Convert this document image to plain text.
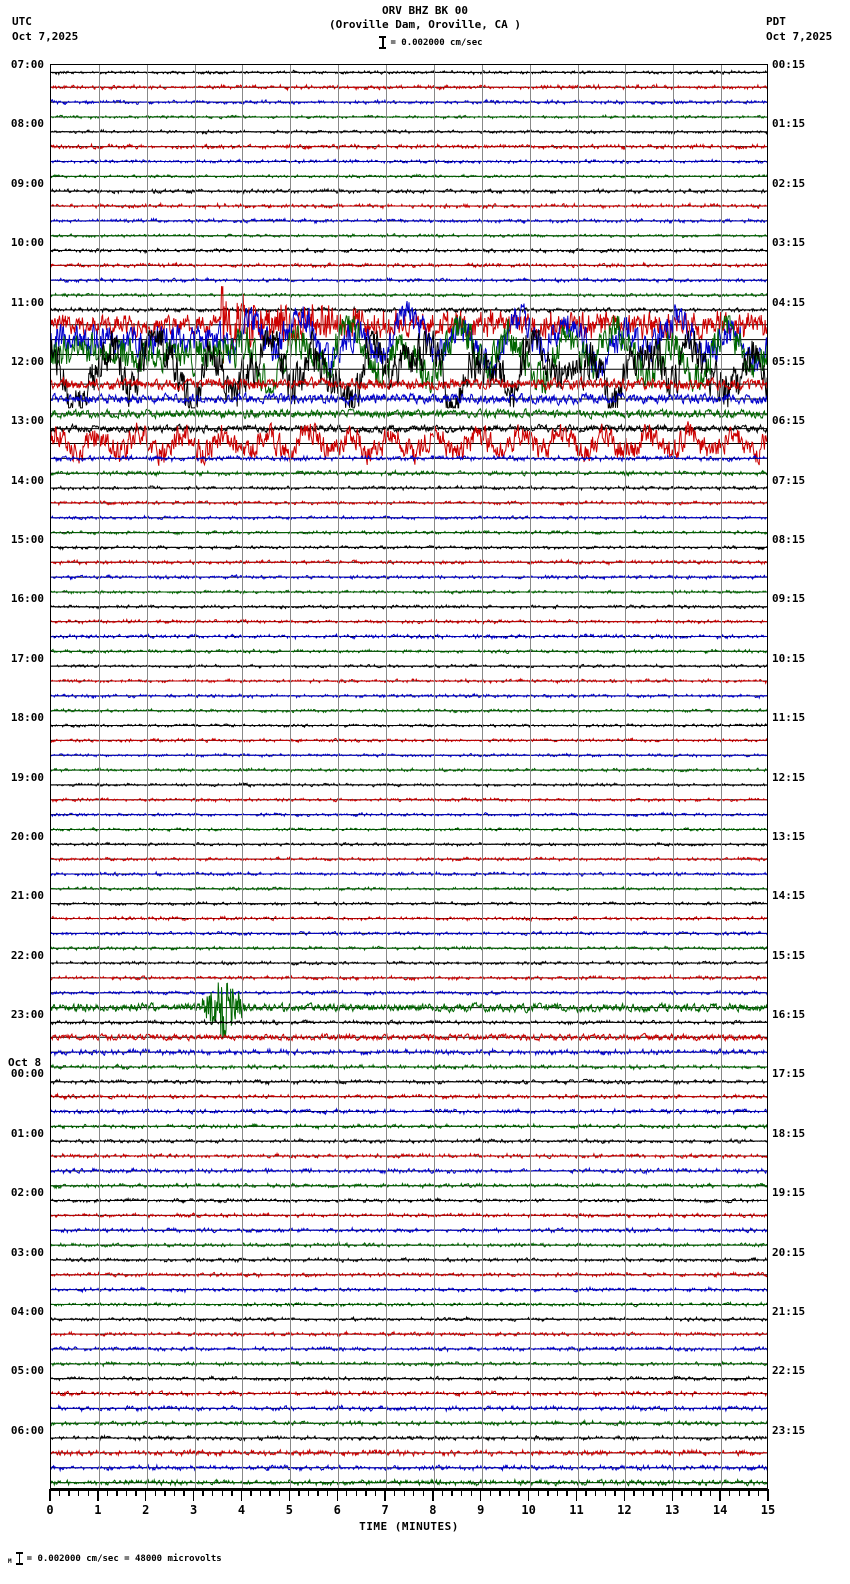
UTC
Oct 7,2025
PDT
Oct 7,2025
ORV BHZ BK 00
(Oroville Dam, Oroville, CA )
= 0.002000 cm/sec
07:00
08:00
09:00
10:00
11:00
12:00
13:00
14:00
15:00
16:00
17:00
18:00
19:00
20:00
21:00
22:00
23:00
00:00
01:00
02:00
03:00
04:00
05:00
06:00
00:15
01:15
02:15
03:15
04:15
05:15
06:15
07:15
08:15
09:15
10:15
11:15
12:15
13:15
14:15
15:15
16:15
17:15
18:15
19:15
20:15
21:15
22:15
23:15
Oct 8
0	1	2	3	4	5	6	7	8	9	10	11	12	13	14	15
TIME (MINUTES)
M = 0.002000 cm/sec = 48000 microvolts
